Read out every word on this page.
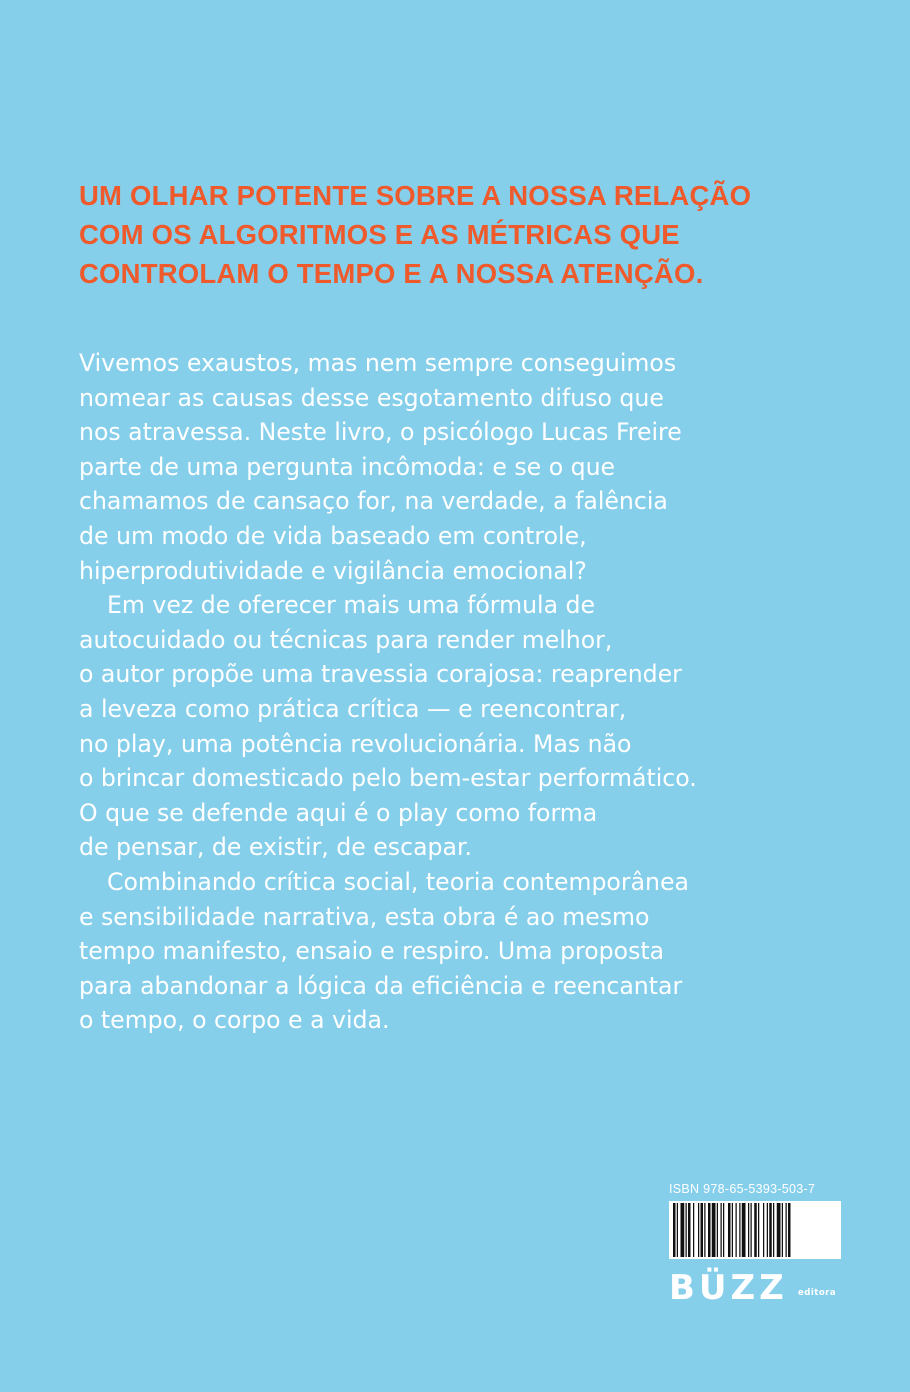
UM OLHAR POTENTE SOBRE A NOSSA RELAÇÃO
COM OS ALGORITMOS E AS MÉTRICAS QUE
CONTROLAM O TEMPO E A NOSSA ATENÇÃO.
Vivemos exaustos, mas nem sempre conseguimos
nomear as causas desse esgotamento difuso que
nos atravessa. Neste livro, o psicólogo Lucas Freire
parte de uma pergunta incômoda: e se o que
chamamos de cansaço for, na verdade, a falência
de um modo de vida baseado em controle,
hiperprodutividade e vigilância emocional?
Em vez de oferecer mais uma fórmula de
autocuidado ou técnicas para render melhor,
o autor propõe uma travessia corajosa: reaprender
a leveza como prática crítica — e reencontrar,
no play, uma potência revolucionária. Mas não
o brincar domesticado pelo bem-estar performático.
O que se defende aqui é o play como forma
de pensar, de existir, de escapar.
Combinando crítica social, teoria contemporânea
e sensibilidade narrativa, esta obra é ao mesmo
tempo manifesto, ensaio e respiro. Uma proposta
para abandonar a lógica da eficiência e reencantar
o tempo, o corpo e a vida.
ISBN 978-65-5393-503-7
BÜZZ editora
